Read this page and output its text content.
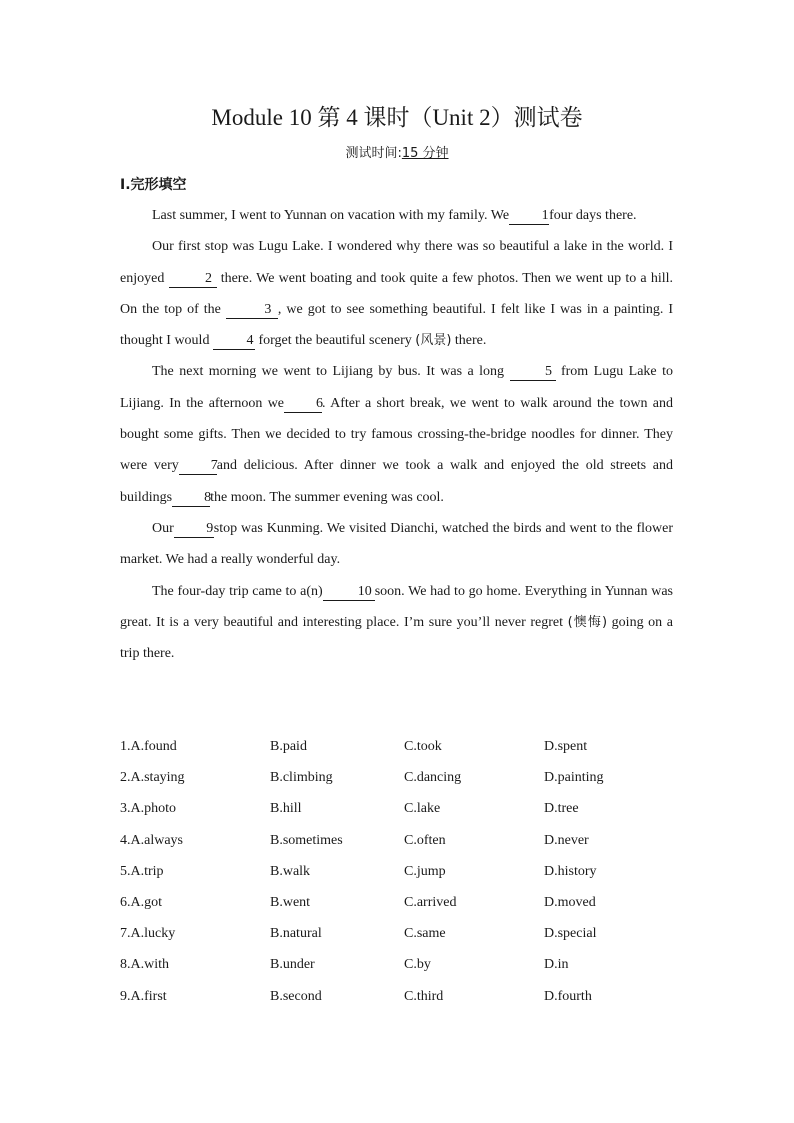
Module 10 第 4 课时（Unit 2）测试卷
测试时间:15 分钟
Ⅰ.完形填空

Last summer, I went to Yunnan on vacation with my family. We 1four days there.

Our first stop was Lugu Lake. I wondered why there was so beautiful a lake in the world. I enjoyed	2 there. We went boating and took quite a few photos. Then we went up to a hill. On the top of the	3 , we got to see something beautiful. I felt like I was in a painting. I thought I would 4 forget the beautiful scenery (风景) there.

The next morning we went to Lijiang by bus. It was a long	5 from Lugu Lake to Lijiang. In the afternoon we 6. After a short break, we went to walk around the town and bought some gifts. Then we decided to try famous crossing-the-bridge noodles for dinner. They were very 7and delicious. After dinner we took a walk and enjoyed the old streets and buildings 8the moon. The summer evening was cool.

Our 9stop was Kunming. We visited Dianchi, watched the birds and went to the flower market. We had a really wonderful day.

The four-day trip came to a(n)	10 soon. We had to go home. Everything in Yunnan was great. It is a very beautiful and interesting place. I’m sure you’ll never regret (懊悔) going on a trip there.

1.A.found	B.paid	C.took	D.spent
2.A.staying	B.climbing	C.dancing	D.painting
3.A.photo	B.hill	C.lake	D.tree
4.A.always	B.sometimes	C.often	D.never
5.A.trip	B.walk	C.jump	D.history
6.A.got	B.went	C.arrived	D.moved
7.A.lucky	B.natural	C.same	D.special
8.A.with	B.under	C.by	D.in
9.A.first	B.second	C.third	D.fourth
